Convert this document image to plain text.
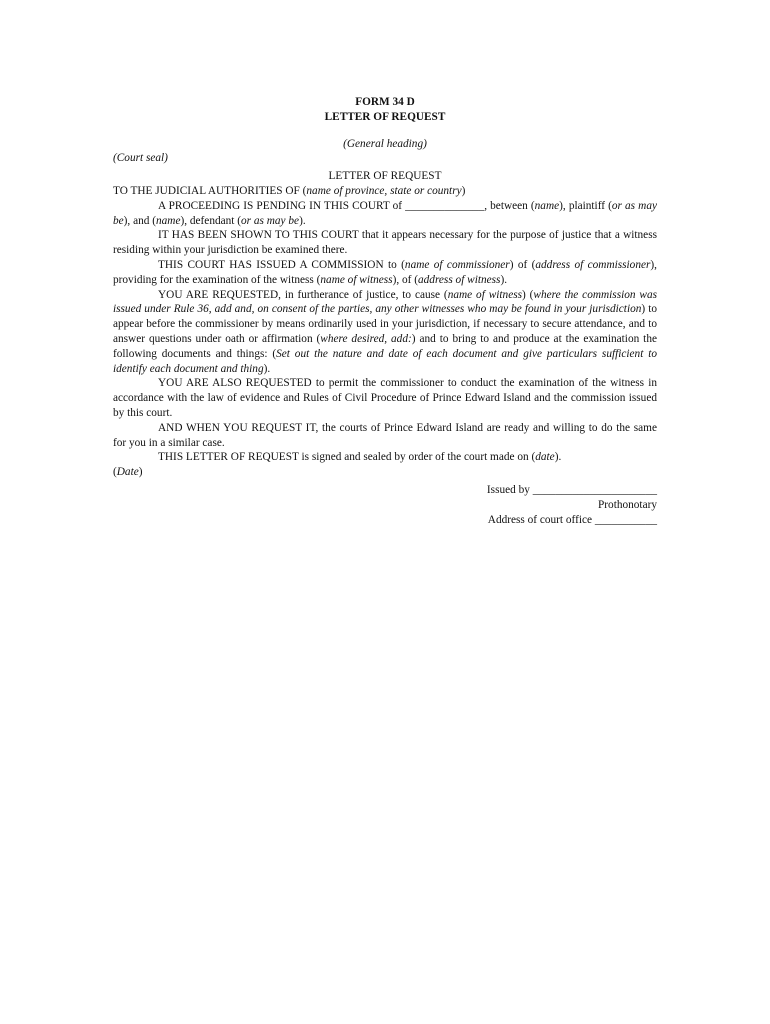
FORM 34 D

LETTER OF REQUEST

(General heading)

(Court seal)

LETTER OF REQUEST

TO THE JUDICIAL AUTHORITIES OF (name of province, state or country)

A PROCEEDING IS PENDING IN THIS COURT of ______________, between (name), plaintiff (or as may be), and (name), defendant (or as may be).

IT HAS BEEN SHOWN TO THIS COURT that it appears necessary for the purpose of justice that a witness residing within your jurisdiction be examined there.

THIS COURT HAS ISSUED A COMMISSION to (name of commissioner) of (address of commissioner), providing for the examination of the witness (name of witness), of (address of witness).

YOU ARE REQUESTED, in furtherance of justice, to cause (name of witness) (where the commission was issued under Rule 36, add and, on consent of the parties, any other witnesses who may be found in your jurisdiction) to appear before the commissioner by means ordinarily used in your jurisdiction, if necessary to secure attendance, and to answer questions under oath or affirmation (where desired, add:) and to bring to and produce at the examination the following documents and things: (Set out the nature and date of each document and give particulars sufficient to identify each document and thing).

YOU ARE ALSO REQUESTED to permit the commissioner to conduct the examination of the witness in accordance with the law of evidence and Rules of Civil Procedure of Prince Edward Island and the commission issued by this court.

AND WHEN YOU REQUEST IT, the courts of Prince Edward Island are ready and willing to do the same for you in a similar case.

THIS LETTER OF REQUEST is signed and sealed by order of the court made on (date).

(Date)

Issued by ______________________

Prothonotary

Address of court office ___________
